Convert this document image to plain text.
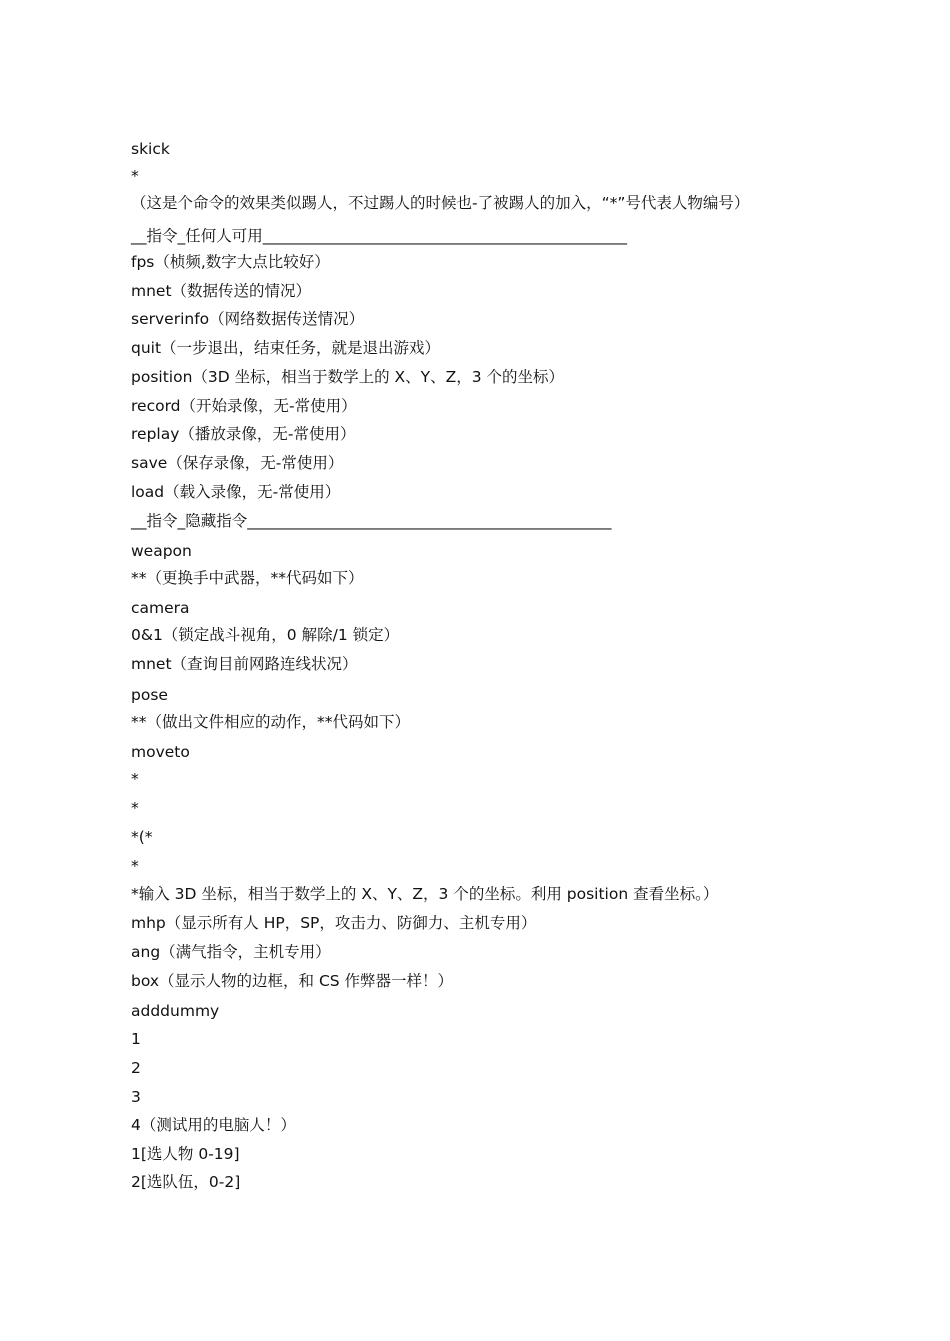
skick
*
（这是个命令的效果类似踢人，不过踢人的时候也-了被踢人的加入，“*”号代表人物编号）
__指令_任何人可用_______________________________________________
fps（桢频,数字大点比较好）
mnet（数据传送的情况）
serverinfo（网络数据传送情况）
quit（一步退出，结束任务，就是退出游戏）
position（3D 坐标，相当于数学上的 X、Y、Z，3 个的坐标）
record（开始录像，无-常使用）
replay（播放录像，无-常使用）
save（保存录像，无-常使用）
load（载入录像，无-常使用）
__指令_隐藏指令_______________________________________________
weapon
**（更换手中武器，**代码如下）
camera
0&1（锁定战斗视角，0 解除/1 锁定）
mnet（查询目前网路连线状况）
pose
**（做出文件相应的动作，**代码如下）
moveto
*
*
*(*
*
*输入 3D 坐标，相当于数学上的 X、Y、Z，3 个的坐标。利用 position 查看坐标。）
mhp（显示所有人 HP，SP，攻击力、防御力、主机专用）
ang（满气指令，主机专用）
box（显示人物的边框，和 CS 作弊器一样！）
adddummy
1
2
3
4（测试用的电脑人！）
1[选人物 0-19]
2[选队伍，0-2]
